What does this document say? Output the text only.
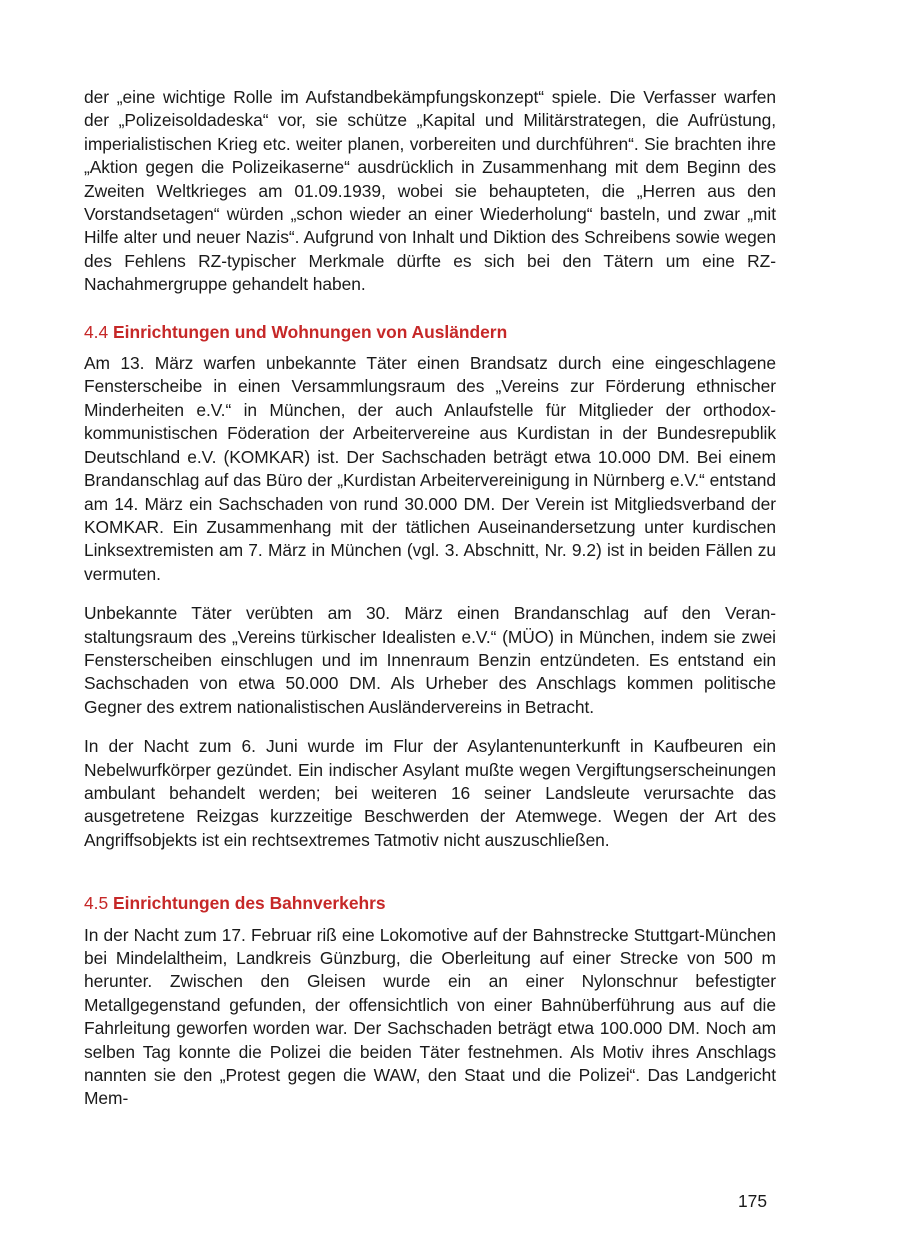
der „eine wichtige Rolle im Aufstandbekämpfungskonzept“ spiele. Die Verfasser warfen der „Polizeisoldadeska“ vor, sie schütze „Kapital und Militärstrategen, die Aufrüstung, imperialistischen Krieg etc. weiter planen, vorbereiten und durchführen“. Sie brachten ihre „Aktion gegen die Polizeikaserne“ ausdrücklich in Zusammenhang mit dem Beginn des Zweiten Weltkrieges am 01.09.1939, wobei sie behaupteten, die „Herren aus den Vorstandsetagen“ würden „schon wieder an einer Wiederholung“ basteln, und zwar „mit Hilfe alter und neuer Nazis“. Aufgrund von Inhalt und Diktion des Schreibens sowie wegen des Fehlens RZ-typischer Merkmale dürfte es sich bei den Tätern um eine RZ-Nachahmergruppe gehandelt haben.

4.4 Einrichtungen und Wohnungen von Ausländern

Am 13. März warfen unbekannte Täter einen Brandsatz durch eine eingeschlagene Fensterscheibe in einen Versammlungsraum des „Vereins zur Förderung ethnischer Minderheiten e.V.“ in München, der auch Anlaufstelle für Mitglieder der orthodox-kommunistischen Föderation der Arbeitervereine aus Kurdistan in der Bundesrepublik Deutschland e.V. (KOMKAR) ist. Der Sachschaden beträgt etwa 10.000 DM. Bei einem Brandanschlag auf das Büro der „Kurdistan Arbeitervereinigung in Nürnberg e.V.“ entstand am 14. März ein Sachschaden von rund 30.000 DM. Der Verein ist Mitgliedsverband der KOMKAR. Ein Zusammenhang mit der tätlichen Auseinandersetzung unter kurdischen Linksextremisten am 7. März in München (vgl. 3. Abschnitt, Nr. 9.2) ist in beiden Fällen zu vermuten.

Unbekannte Täter verübten am 30. März einen Brandanschlag auf den Veranstaltungsraum des „Vereins türkischer Idealisten e.V.“ (MÜO) in München, indem sie zwei Fensterscheiben einschlugen und im Innenraum Benzin entzündeten. Es entstand ein Sachschaden von etwa 50.000 DM. Als Urheber des Anschlags kommen politische Gegner des extrem nationalistischen Ausländervereins in Betracht.

In der Nacht zum 6. Juni wurde im Flur der Asylantenunterkunft in Kaufbeuren ein Nebelwurfkörper gezündet. Ein indischer Asylant mußte wegen Vergiftungserscheinungen ambulant behandelt werden; bei weiteren 16 seiner Landsleute verursachte das ausgetretene Reizgas kurzzeitige Beschwerden der Atemwege. Wegen der Art des Angriffsobjekts ist ein rechtsextremes Tatmotiv nicht auszuschließen.

4.5 Einrichtungen des Bahnverkehrs

In der Nacht zum 17. Februar riß eine Lokomotive auf der Bahnstrecke Stuttgart-München bei Mindelaltheim, Landkreis Günzburg, die Oberleitung auf einer Strecke von 500 m herunter. Zwischen den Gleisen wurde ein an einer Nylonschnur befestigter Metallgegenstand gefunden, der offensichtlich von einer Bahnüberführung aus auf die Fahrleitung geworfen worden war. Der Sachschaden beträgt etwa 100.000 DM. Noch am selben Tag konnte die Polizei die beiden Täter festnehmen. Als Motiv ihres Anschlags nannten sie den „Protest gegen die WAW, den Staat und die Polizei“. Das Landgericht Mem-

175
